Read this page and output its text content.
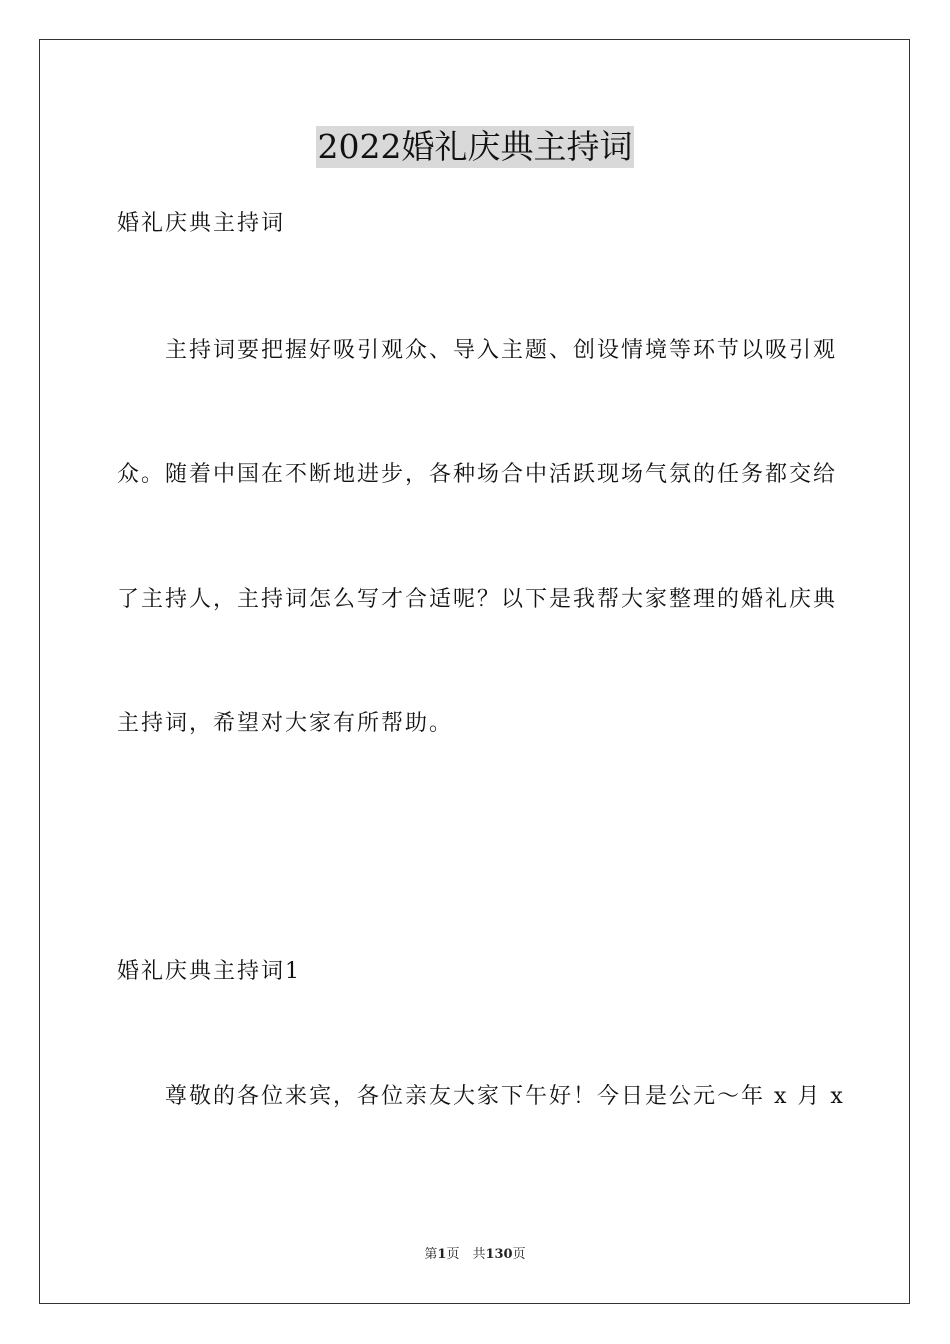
2022婚礼庆典主持词
婚礼庆典主持词
主持词要把握好吸引观众、导入主题、创设情境等环节以吸引观
众。随着中国在不断地进步，各种场合中活跃现场气氛的任务都交给
了主持人，主持词怎么写才合适呢？以下是我帮大家整理的婚礼庆典
主持词，希望对大家有所帮助。
婚礼庆典主持词1
尊敬的各位来宾，各位亲友大家下午好！今日是公元～年 x 月 x
第1页　共130页
